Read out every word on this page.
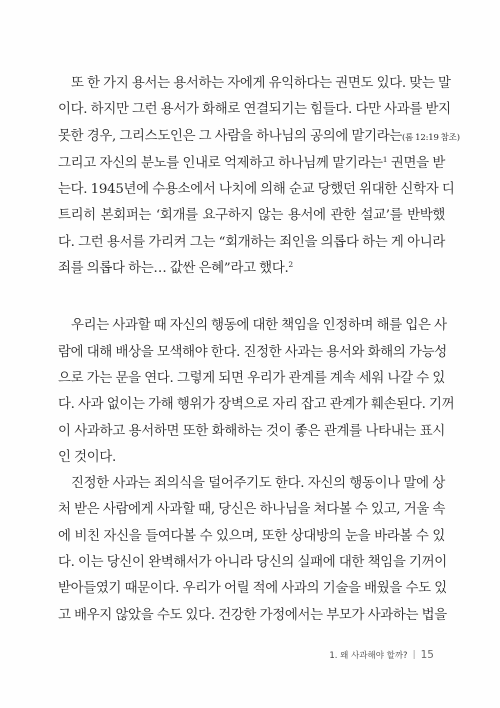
또 한 가지 용서는 용서하는 자에게 유익하다는 권면도 있다. 맞는 말
이다. 하지만 그런 용서가 화해로 연결되기는 힘들다. 다만 사과를 받지
못한 경우, 그리스도인은 그 사람을 하나님의 공의에 맡기라는(롬 12:19 참조)
그리고 자신의 분노를 인내로 억제하고 하나님께 맡기라는$^1$ 권면을 받
는다. 1945년에 수용소에서 나치에 의해 순교 당했던 위대한 신학자 디
트리히 본회퍼는 ‘회개를 요구하지 않는 용서에 관한 설교’를 반박했
다. 그런 용서를 가리켜 그는 “회개하는 죄인을 의롭다 하는 게 아니라
죄를 의롭다 하는… 값싼 은혜”라고 했다.$^2$

우리는 사과할 때 자신의 행동에 대한 책임을 인정하며 해를 입은 사
람에 대해 배상을 모색해야 한다. 진정한 사과는 용서와 화해의 가능성
으로 가는 문을 연다. 그렇게 되면 우리가 관계를 계속 세워 나갈 수 있
다. 사과 없이는 가해 행위가 장벽으로 자리 잡고 관계가 훼손된다. 기꺼
이 사과하고 용서하면 또한 화해하는 것이 좋은 관계를 나타내는 표시
인 것이다.

진정한 사과는 죄의식을 덜어주기도 한다. 자신의 행동이나 말에 상
처 받은 사람에게 사과할 때, 당신은 하나님을 쳐다볼 수 있고, 거울 속
에 비친 자신을 들여다볼 수 있으며, 또한 상대방의 눈을 바라볼 수 있
다. 이는 당신이 완벽해서가 아니라 당신의 실패에 대한 책임을 기꺼이
받아들였기 때문이다. 우리가 어릴 적에 사과의 기술을 배웠을 수도 있
고 배우지 않았을 수도 있다. 건강한 가정에서는 부모가 사과하는 법을

1. 왜 사과해야 할까? | 15
